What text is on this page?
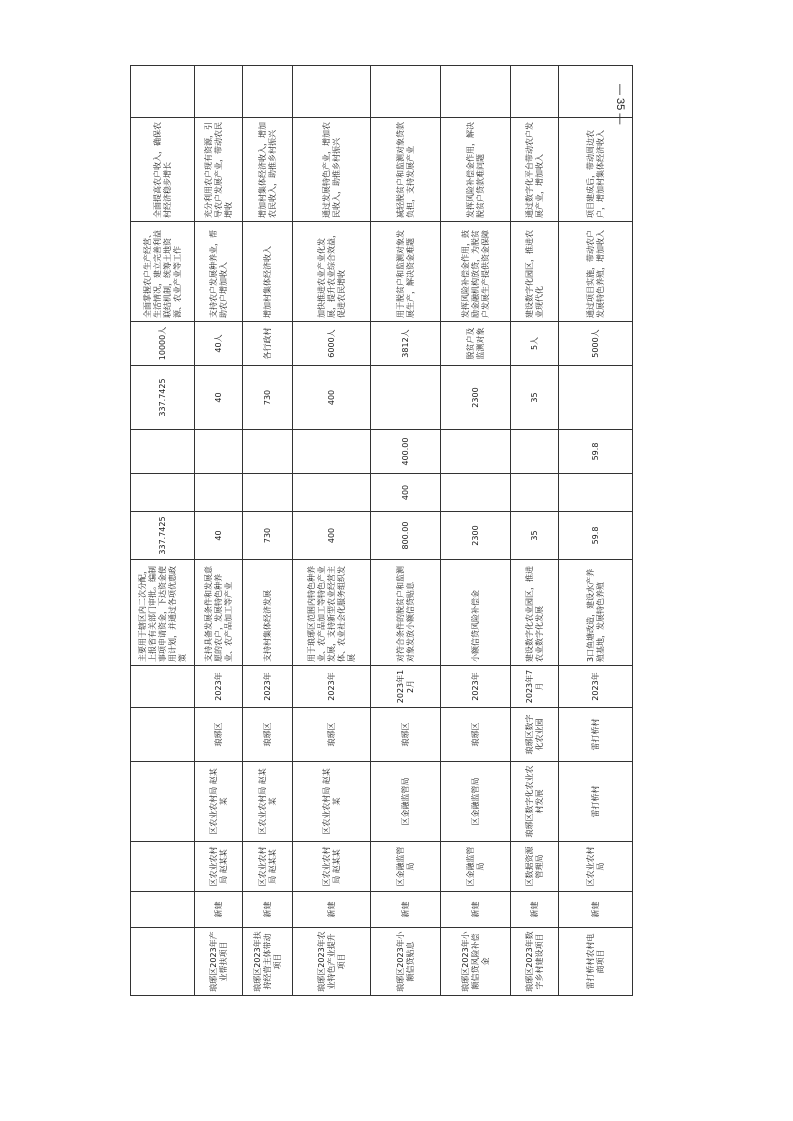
— 35 —
						主要用于辖区内二次分配，上报省有关部门审批。编制事项申请资金，下达资金使用计划，并通过各项优惠政策	337.7425			337.7425	10000人	全面掌握农户生产经营、生活情况，建立完善利益联结机制，统筹土地资源、农业产业等工作	全面提高农户收入，确保农村经济稳步增长	
琅琊区2023年产业帮扶项目	新建	区农业农村局 赵某某	区农业农村局 赵某某	琅琊区	2023年	支持具备发展条件和发展意愿的农户，发展特色种养业、农产品加工等产业	40			40	40人	支持农户发展种养业，帮助农户增加收入	充分利用农户现有资源，引导农户发展产业，带动农民增收	
琅琊区2023年扶持经营主体带动项目	新建	区农业农村局 赵某某	区农业农村局 赵某某	琅琊区	2023年	支持村集体经济发展	730			730	各行政村	增加村集体经济收入	增加村集体经济收入，增加农民收入，助推乡村振兴	
琅琊区2023年农业特色产业提升项目	新建	区农业农村局 赵某某	区农业农村局 赵某某	琅琊区	2023年	用于琅琊区范围内特色种养业、农产品加工等特色产业发展，支持新型农业经营主体、农业社会化服务组织发展	400			400	6000人	加快推进农业产业化发展，提升农业综合效益，促进农民增收	通过发展特色产业，增加农民收入，助推乡村振兴	
琅琊区2023年小额信贷贴息	新建	区金融监管局	区金融监管局	琅琊区	2023年12月	对符合条件的脱贫户和监测对象发放小额信贷贴息	800.00	400	400.00		3812人	用于脱贫户和监测对象发展生产，解决资金难题	减轻脱贫户和监测对象贷款负担，支持发展产业	
琅琊区2023年小额信贷风险补偿金	新建	区金融监管局	区金融监管局	琅琊区	2023年	小额信贷风险补偿金	2300			2300	脱贫户及监测对象	发挥风险补偿金作用，鼓励金融机构放贷，为脱贫户发展生产提供资金保障	发挥风险补偿金作用，解决脱贫户贷款难问题	
琅琊区2023年数字乡村建设项目	新建	区数据资源管理局	琅琊区数字化农业农村发展	琅琊区数字化农业园	2023年7月	建设数字化农业园区，推进农业数字化发展	35			35	5人	建设数字化园区，推进农业现代化	通过数字化平台带动农户发展产业，增加收入	
雷打桥村农村电商项目	新建	区农业农村局	雷打桥村	雷打桥村	2023年	3口鱼塘改造，建设水产养殖基地，发展特色养殖	59.8		59.8		5000人	通过项目实施，带动农户发展特色养殖，增加收入	项目建成后，带动周边农户，增加村集体经济收入	
